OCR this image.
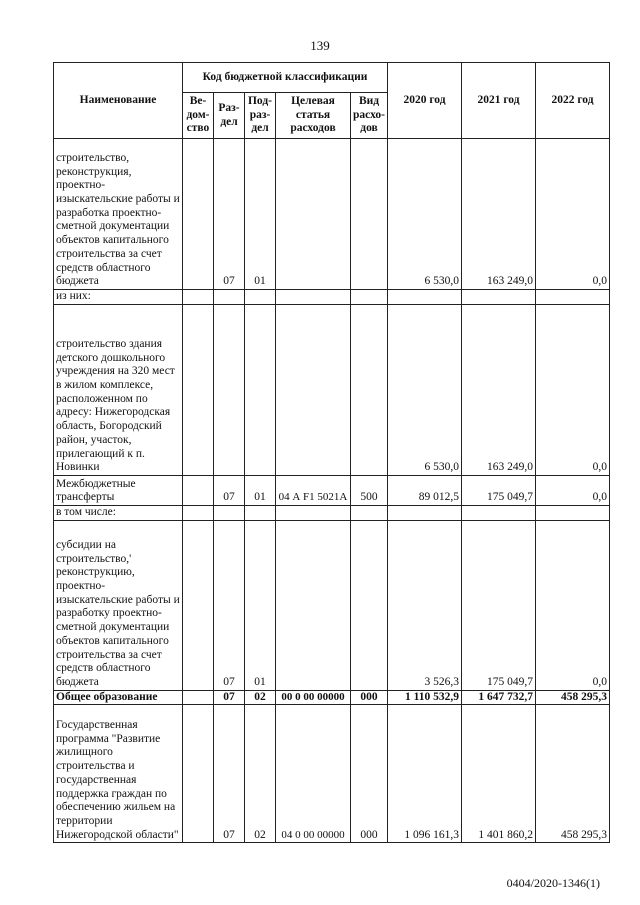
139
Наименование	Код бюджетной классификации					2020 год	2021 год	2022 год
	Ве-дом-ство	Раз-дел	Под-раз-дел	Целевая статья расходов	Вид расхо-дов			
строительство, реконструкция, проектно-изыскательские работы и разработка проектно-сметной документации объектов капитального строительства за счет средств областного бюджета		07	01			6 530,0	163 249,0	0,0
из них:								
строительство здания детского дошкольного учреждения на 320 мест в жилом комплексе, расположенном по адресу: Нижегородская область, Богородский район, участок, прилегающий к п. Новинки						6 530,0	163 249,0	0,0
Межбюджетные трансферты		07	01	04 А F1 5021А	500	89 012,5	175 049,7	0,0
в том числе:								
субсидии на строительство,' реконструкцию, проектно-изыскательские работы и разработку проектно-сметной документации объектов капитального строительства за счет средств областного бюджета		07	01			3 526,3	175 049,7	0,0
Общее образование		07	02	00 0 00 00000	000	1 110 532,9	1 647 732,7	458 295,3
Государственная программа "Развитие жилищного строительства и государственная поддержка граждан по обеспечению жильем на территории Нижегородской области"		07	02	04 0 00 00000	000	1 096 161,3	1 401 860,2	458 295,3
0404/2020-1346(1)
